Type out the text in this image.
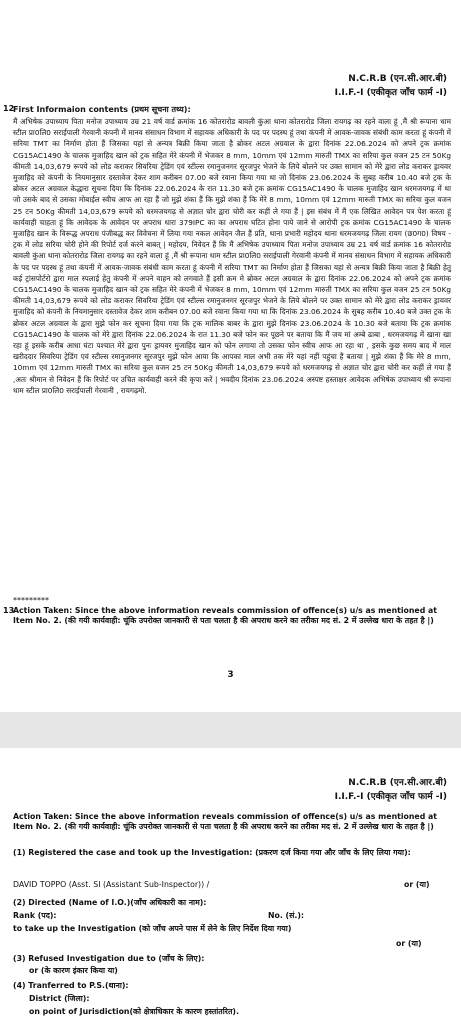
N.C.R.B (एन.सी.आर.बी)
I.I.F.-I (एकीकृत जाँच फार्म -I)
12
First Informaion contents (प्रथम सूचना तथ्य):
मैं अभिषेक उपाध्याय पिता मनोज उपाध्याय उम्र 21 वर्ष वार्ड क्रमांक 16 कोतरारोड बावली कुंआ थाना कोतरारोड जिला रायगढ़ का रहने वाला हूं ,मैं श्री रूपाना धाम स्टील प्रा0लि0 सराईपाली गेरवानी कंपनी में मानव संसाधन विभाग में सहायक अधिकारी के पद पर पदस्थ हूं तथा कंपनी में आवक-जावक संबंधी काम करता हूं कंपनी में सरिया TMT का निर्माण होता हैं जिसका यहां से अन्यत्र बिक्री किया जाता है ब्रोकर अटल अग्रवाल के द्वारा दिनांक 22.06.2024 को अपने ट्रक क्रमांक CG15AC1490 के चालक मुजाहिद खान को ट्रक सहित मेरे कंपनी में भेजकर 8 mm, 10mm एवं 12mm मारुती TMX का सरिया कुल वजन 25 टन 50Kg कीमती 14,03,679 रूपये को लोड कराकर सिवरिया ट्रेडिंग एवं स्टील्स रमानुजनगर सूरजपुर भेजने के लिये बोलने पर उक्त सामान को मेरे द्वारा लोड कराकर ड्रायवर मुजाहिद को कंपनी के नियमानुसार दस्तावेज देकर शाम करीबन 07.00 बजे रवाना किया गया था जो दिनांक 23.06.2024 के सुबह करीब 10.40 बजे ट्रक के ब्रोकर अटल अग्रवाल केद्धारा सूचना दिया कि दिनांक 22.06.2024 के रात 11.30 बजे ट्रक क्रमांक CG15AC1490 के चालक मुजाहिद खान धरमजयगढ़ में था जो उसके बाद से उसका मोबाईल स्वीच आफ आ रहा हैं जो मुझे शंका हैं कि मुझे शंका हैं कि मेरे 8 mm, 10mm एवं 12mm मारुती TMX का सरिया कुल वजन 25 टन 50Kg कीमती 14,03,679 रूपये को धरमजयगढ़ से अज्ञात चोर द्वारा चोरी कर कहीं ले गया हैं | इस संबंध में मैं एक लिखित आवेदन पत्र पेश करता हूं कार्यवाही चाहता हूं कि आवेदक के आवेदन पर अपराध धारा 379IPC का का अपराध घटित होना पाये जाने से आरोपी ट्रक क्रमांक CG15AC1490 के चालक मुजाहिद खान के विरूद्ध अपराध पंजीबद्ध कर विवेचना में लिया गया नकल आवेदन जैल हैं प्रति, थाना प्रभारी महोदय थाना धरमजयगढ़ जिला रायग (छ0ग0) विषय - ट्रक में लोड सरिया चोरी होने की रिपोर्ट दर्ज करने बाबत् | महोदय, निवेदन हैं कि मैं अभिषेक उपाध्याय पिता मनोज उपाध्याय उम्र 21 वर्ष वार्ड क्रमांक 16 कोतरारोड बावली कुंआ थाना कोतरारोड जिला रायगढ़ का रहने वाला हूं ,मैं श्री रूपाना धाम स्टील प्रा0लि0 सराईपाली गेरवानी कंपनी में मानव संसाधन विभाग में सहायक अधिकारी के पद पर पदस्थ हूं तथा कंपनी में आवक-जावक संबंधी काम करता हूं कंपनी में सरिया TMT का निर्माण होता हैं जिसका यहां से अन्यत्र बिक्री किया जाता है बिक्री हेतु कई ट्रांसपोर्टरो द्वारा माल स्पलाई हेतु कंपनी में अपने वाहन को लगवाते हैं इसी क्रम मे ब्रोकर अटल अग्रवाल के द्वारा दिनांक 22.06.2024 को अपने ट्रक क्रमांक CG15AC1490 के चालक मुजाहिद खान को ट्रक सहित मेरे कंपनी में भेजकर 8 mm, 10mm एवं 12mm मारुती TMX का सरिया कुल वजन 25 टन 50Kg कीमती 14,03,679 रूपये को लोड कराकर सिवरिया ट्रेडिंग एवं स्टील्स रमानुजनगर सूरजपुर भेजने के लिये बोलने पर उक्त सामान को मेरे द्वारा लोड कराकर ड्रायवर मुजाहिद को कंपनी के नियमानुसार दस्तावेज देकर शाम करीबन 07.00 बजे रवाना किया गया था कि दिनांक 23.06.2024 के सुबह करीब 10.40 बजे उक्त ट्रक के ब्रोकर अटल अग्रवाल के द्वारा मुझे फोन कर सूचना दिया गया कि ट्रक मालिक बाबर के द्वारा मुझे दिनांक 23.06.2024 के 10.30 बजे बताया कि ट्रक क्रमांक CG15AC1490 के चालक को मेरे द्वारा दिनांक 22.06.2024 के रात 11.30 बजे फोन कर पूछने पर बताया कि मैं जय मां अम्बे ढाबा , धरमजयगढ़ में खाना खा रहा हूं इसके करीब आधा घंटा पश्चात मेरे द्वारा पुनः ड्रायवर मुजाहिद खान को फोन लगाया तो उसका फोन स्वीच आफ आ रहा था , इसके कुछ समय बाद में माल खरीददार सिवरिया ट्रेडिंग एवं स्टील्स रमानुजनगर सूरजपुर मुझे फोन आया कि आपका माल अभी तक मेरे यहां नहीं पहुंचा हैं बताया | मुझे शंका हैं कि मेरे 8 mm, 10mm एवं 12mm मारुती TMX का सरिया कुल वजन 25 टन 50Kg कीमती 14,03,679 रूपये को धरमजयगढ़ से अज्ञात चोर द्वारा चोरी कर कहीं ले गया हैं ,अतः श्रीमान से निवेदन हैं कि रिपोर्ट पर उचित कार्यवाही करने की कृपा करें | भवदीय दिनांक 23.06.2024 अस्पष्ट हस्ताक्षर आवेदक अभिषेक उपाध्याय श्री रूपाना धाम स्टील प्रा0लि0 सराईपाली गेरवानी , रायगढ़मो.
*********
13
Action Taken: Since the above information reveals commission of offence(s) u/s as mentioned at Item No. 2. (की गयी कार्यवाही: चूंकि उपरोक्त जानकारी से पता चलता है की अपराध करने का तरीका मद सं. 2 में उल्लेख धारा के तहत है |)
3
N.C.R.B (एन.सी.आर.बी)
I.I.F.-I (एकीकृत जाँच फार्म -I)
Action Taken: Since the above information reveals commission of offence(s) u/s as mentioned at Item No. 2. (की गयी कार्यवाही: चूंकि उपरोक्त जानकारी से पता चलता है की अपराध करने का तरीका मद सं. 2 में उल्लेख धारा के तहत है |)
(1) Registered the case and took up the Investigation: (प्रकरण दर्ज किया गया और जाँच के लिए लिया गया):
DAVID TOPPO (Asst. SI (Assistant Sub-Inspector)) /	or (या)
(2) Directed (Name of I.O.)(जाँच अधिकारी का नाम):
Rank (पद):	No. (सं.):
to take up the Investigation (को जाँच अपने पास में लेने के लिए निर्देश दिया गया)
or (या)
(3) Refused Investigation due to (जाँच के लिए):
or (के कारण इंकार किया या)
(4) Tranferred to P.S.(थाना):
District (जिला):
on point of Jurisdiction(को क्षेत्राधिकार के कारण हस्तांतरित).
